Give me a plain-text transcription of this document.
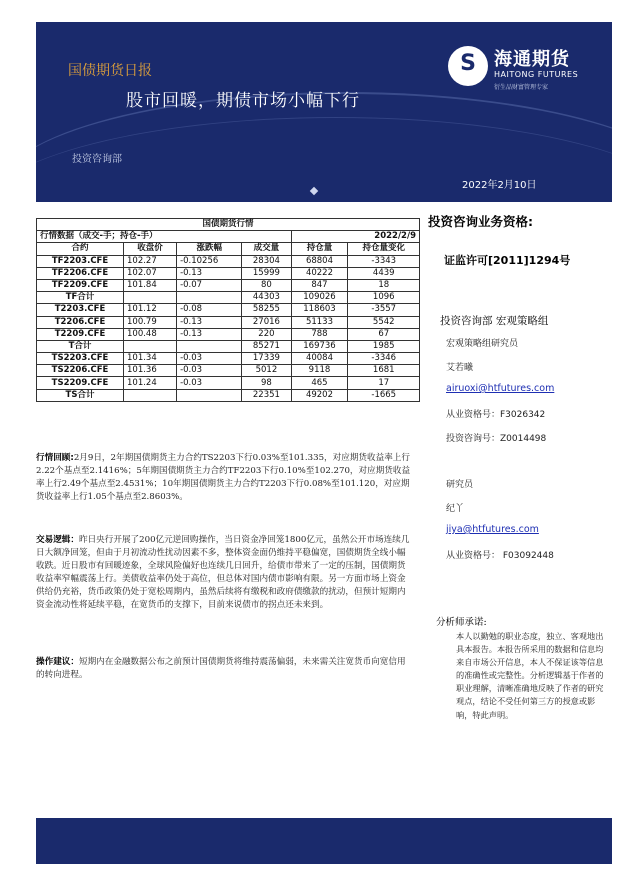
国债期货日报
股市回暖，期债市场小幅下行
投资咨询部
2022年2月10日
S	海通期货
HAITONG FUTURES
衍生品财富管理专家
国债期货行情					
行情数据（成交-手；持仓-手）				2022/2/9	
合约	收盘价	涨跌幅	成交量	持仓量	持仓量变化
TF2203.CFE	102.27	-0.10256	28304	68804	-3343
TF2206.CFE	102.07	-0.13	15999	40222	4439
TF2209.CFE	101.84	-0.07	80	847	18
TF合计			44303	109026	1096
T2203.CFE	101.12	-0.08	58255	118603	-3557
T2206.CFE	100.79	-0.13	27016	51133	5542
T2209.CFE	100.48	-0.13	220	788	67
T合计			85271	169736	1985
TS2203.CFE	101.34	-0.03	17339	40084	-3346
TS2206.CFE	101.36	-0.03	5012	9118	1681
TS2209.CFE	101.24	-0.03	98	465	17
TS合计			22351	49202	-1665

行情回顾:2月9日，2年期国债期货主力合约TS2203下行0.03%至101.335，对应期货收益率上行2.22个基点至2.1416%；5年期国债期货主力合约TF2203下行0.10%至102.270，对应期货收益率上行2.49个基点至2.4531%；10年期国债期货主力合约T2203下行0.08%至101.120，对应期货收益率上行1.05个基点至2.8603%。

交易逻辑：昨日央行开展了200亿元逆回购操作，当日资金净回笼1800亿元，虽然公开市场连续几日大额净回笼，但由于月初流动性扰动因素不多，整体资金面仍维持平稳偏宽，国债期货全线小幅收跌。近日股市有回暖迹象，全球风险偏好也连续几日回升，给债市带来了一定的压制，国债期货收益率窄幅震荡上行。美债收益率仍处于高位，但总体对国内债市影响有限。另一方面市场上资金供给仍充裕，货币政策仍处于宽松周期内，虽然后续将有缴税和政府债缴款的扰动，但预计短期内资金流动性将延续平稳，在宽货币的支撑下，目前来说债市的拐点还未来到。

操作建议：短期内在金融数据公布之前预计国债期货将维持震荡偏弱，未来需关注宽货币向宽信用的转向进程。

投资咨询业务资格:
证监许可[2011]1294号
投资咨询部 宏观策略组
宏观策略组研究员
艾若曦
airuoxi@htfutures.com
从业资格号：F3026342
投资咨询号：Z0014498
研究员
纪丫
jiya@htfutures.com
从业资格号： F03092448
分析师承诺:
本人以勤勉的职业态度，独立、客观地出具本报告。本报告所采用的数据和信息均来自市场公开信息，本人不保证该等信息的准确性或完整性。分析逻辑基于作者的职业理解，清晰准确地反映了作者的研究观点，结论不受任何第三方的授意或影响，特此声明。
